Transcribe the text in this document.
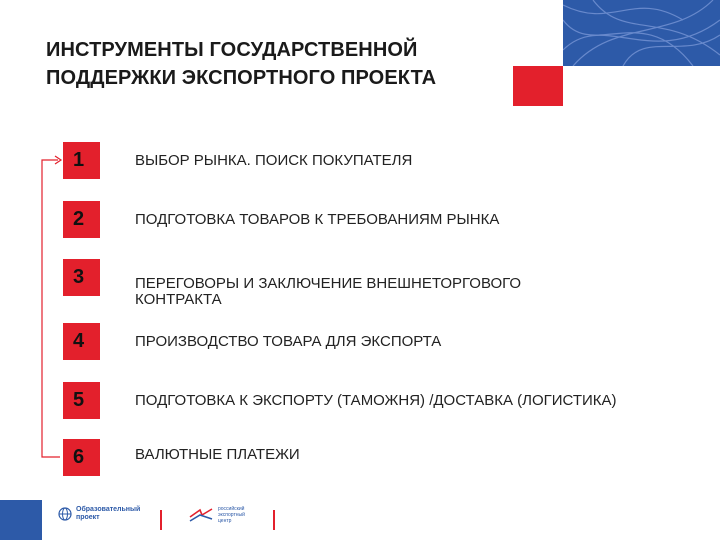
ИНСТРУМЕНТЫ ГОСУДАРСТВЕННОЙ
ПОДДЕРЖКИ ЭКСПОРТНОГО ПРОЕКТА
1	ВЫБОР РЫНКА. ПОИСК ПОКУПАТЕЛЯ
2	ПОДГОТОВКА ТОВАРОВ К ТРЕБОВАНИЯМ РЫНКА
3	ПЕРЕГОВОРЫ И ЗАКЛЮЧЕНИЕ ВНЕШНЕТОРГОВОГО
КОНТРАКТА
4	ПРОИЗВОДСТВО ТОВАРА ДЛЯ ЭКСПОРТА
5	ПОДГОТОВКА К ЭКСПОРТУ (ТАМОЖНЯ) /ДОСТАВКА (ЛОГИСТИКА)
6	ВАЛЮТНЫЕ ПЛАТЕЖИ
Образовательный
проект
российский
экспортный
центр
